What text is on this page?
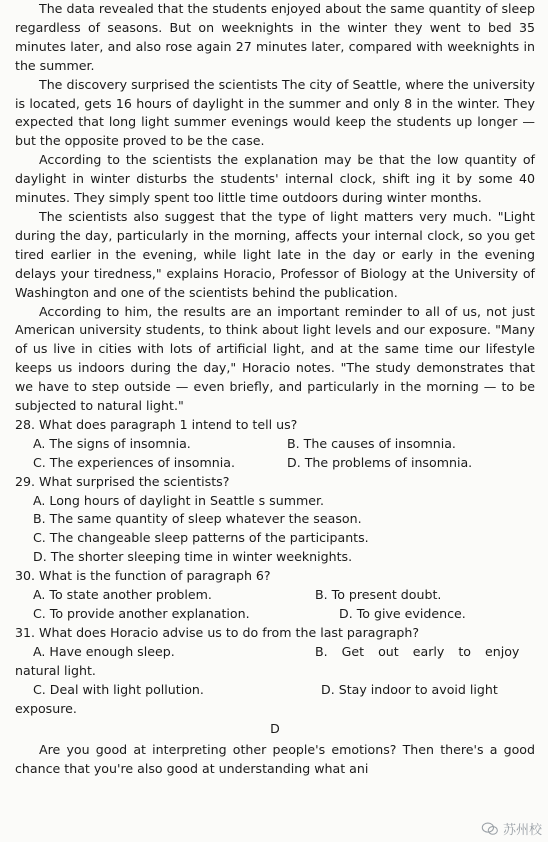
The data revealed that the students enjoyed about the same quantity of sleep regardless of seasons. But on weeknights in the winter they went to bed 35 minutes later, and also rose again 27 minutes later, compared with weeknights in the summer.

The discovery surprised the scientists The city of Seattle, where the university is located, gets 16 hours of daylight in the summer and only 8 in the winter. They expected that long light summer evenings would keep the students up longer — but the opposite proved to be the case.

According to the scientists the explanation may be that the low quantity of daylight in winter disturbs the students' internal clock, shift ing it by some 40 minutes. They simply spent too little time outdoors during winter months.

The scientists also suggest that the type of light matters very much. "Light during the day, particularly in the morning, affects your internal clock, so you get tired earlier in the evening, while light late in the day or early in the evening delays your tiredness," explains Horacio, Professor of Biology at the University of Washington and one of the scientists behind the publication.

According to him, the results are an important reminder to all of us, not just American university students, to think about light levels and our exposure. "Many of us live in cities with lots of artificial light, and at the same time our lifestyle keeps us indoors during the day," Horacio notes. "The study demonstrates that we have to step outside — even briefly, and particularly in the morning — to be subjected to natural light."

28. What does paragraph 1 intend to tell us?
A. The signs of insomnia.	B. The causes of insomnia.
C. The experiences of insomnia.	D. The problems of insomnia.
29. What surprised the scientists?
A. Long hours of daylight in Seattle s summer.
B. The same quantity of sleep whatever the season.
C. The changeable sleep patterns of the participants.
D. The shorter sleeping time in winter weeknights.
30. What is the function of paragraph 6?
A. To state another problem.	B. To present doubt.
C. To provide another explanation.	D. To give evidence.
31. What does Horacio advise us to do from the last paragraph?
A. Have enough sleep.	B. Get out early to enjoy
natural light.
C. Deal with light pollution.	D. Stay indoor to avoid light
exposure.
D

Are you good at interpreting other people's emotions? Then there's a good chance that you're also good at understanding what ani

苏州校
